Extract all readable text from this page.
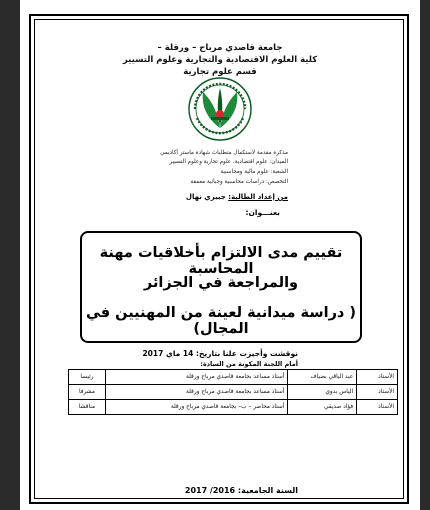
جامعة قاصدي مرباح – ورقلة –
كلية العلوم الاقتصادية والتجارية وعلوم التسيير
قسم علوم تجارية
مذكرة مقدمة لاستكمال متطلبات شهادة ماستر أكاديمي
الميدان: علوم اقتصادية، علوم تجارية وعلوم التسيير
الشعبة: علوم مالية ومحاسبية
التخصص: دراسات محاسبية وجبائية معمقة
من إعداد الطالبة: جبيري نهال
بعنـــوان:
تقييم مدى الالتزام بأخلاقيات مهنة المحاسبة
والمراجعة في الجزائر
( دراسة ميدانية لعينة من المهنيين في المجال)
نوقشت وأجيزت علنا بتاريخ: 14 ماي 2017
أمام اللجنة المكونة من السادة:
الأستاذ	عبد الباقي بضياف	أستاذ مساعد بجامعة قاصدي مرباح ورقلة	رئيسا
الأستاذ	الياس بدوي	أستاذ مساعد بجامعة قاصدي مرباح ورقلة	مشرفا
الأستاذ	فؤاد صديقي	أستاذ محاضر – ب– بجامعة قاصدي مرباح ورقلة	مناقشا
السنة الجامعية: 2016/ 2017
